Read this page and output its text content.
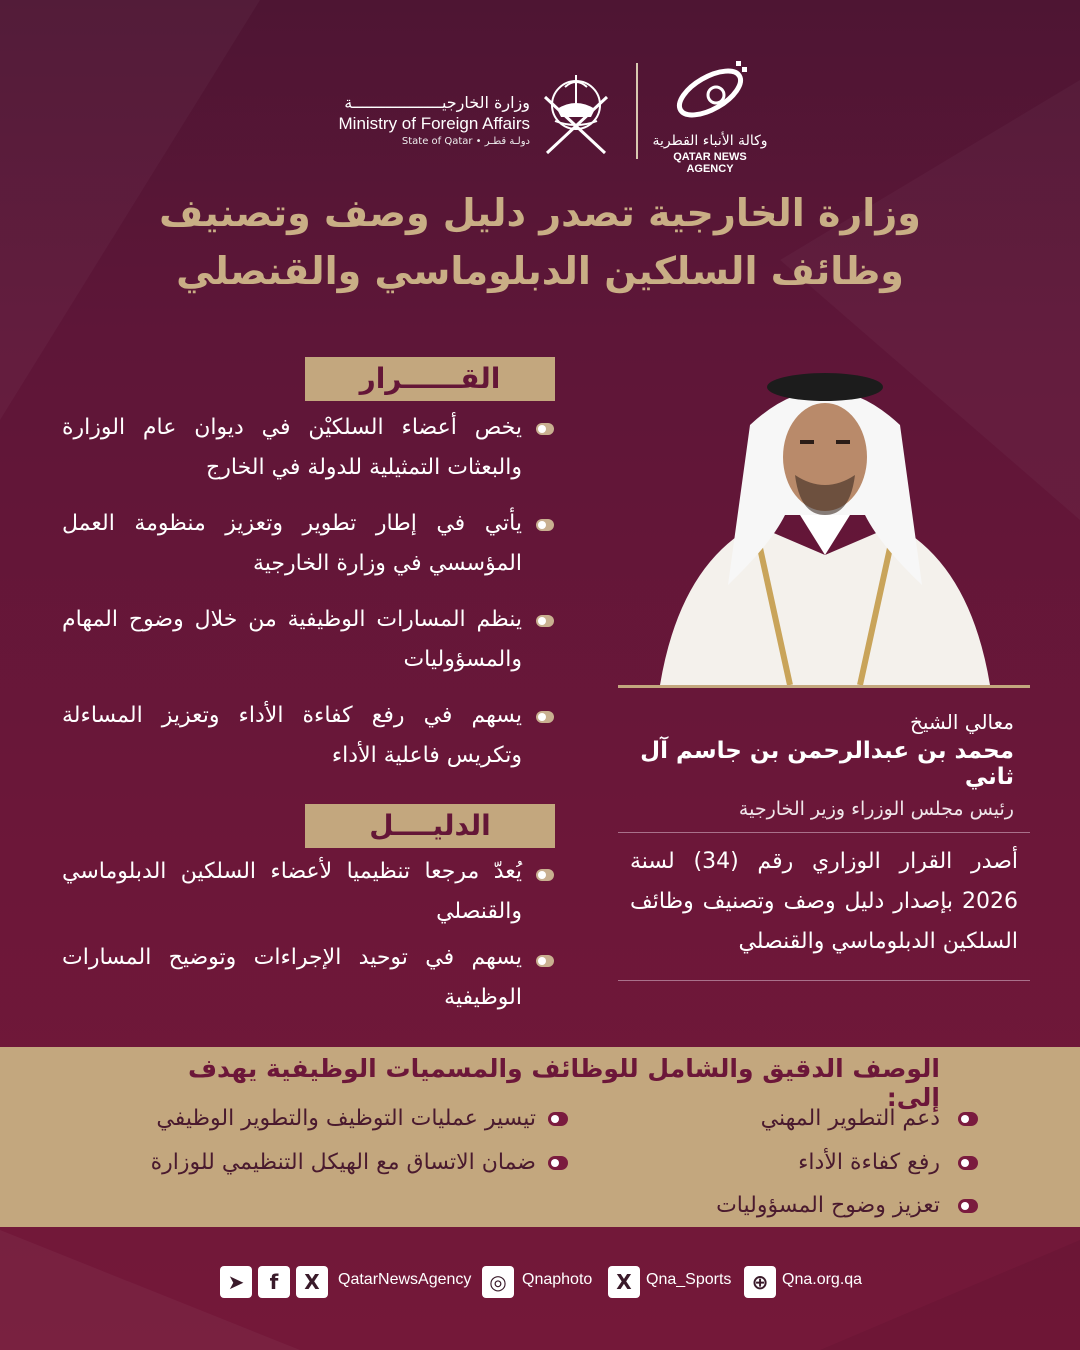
وزارة الخارجيـــــــــــــــــــة
Ministry of Foreign Affairs
State of Qatar • دولـة قطـر	وكالة الأنباء القطرية
QATAR NEWS AGENCY
وزارة الخارجية تصدر دليل وصف وتصنيف
وظائف السلكين الدبلوماسي والقنصلي
القــــــرار
يخص أعضاء السلكيْن في ديوان عام الوزارة والبعثات التمثيلية للدولة في الخارج
يأتي في إطار تطوير وتعزيز منظومة العمل المؤسسي في وزارة الخارجية
ينظم المسارات الوظيفية من خلال وضوح المهام والمسؤوليات
يسهم في رفع كفاءة الأداء وتعزيز المساءلة وتكريس فاعلية الأداء
الدليــــل
يُعدّ مرجعا تنظيميا لأعضاء السلكين الدبلوماسي والقنصلي
يسهم في توحيد الإجراءات وتوضيح المسارات الوظيفية
معالي الشيخ
محمد بن عبدالرحمن بن جاسم آل ثاني
رئيس مجلس الوزراء وزير الخارجية
أصدر القرار الوزاري رقم (34) لسنة 2026 بإصدار دليل وصف وتصنيف وظائف السلكين الدبلوماسي والقنصلي
الوصف الدقيق والشامل للوظائف والمسميات الوظيفية يهدف إلى:
دعم التطوير المهني
رفع كفاءة الأداء
تعزيز وضوح المسؤوليات
تيسير عمليات التوظيف والتطوير الوظيفي
ضمان الاتساق مع الهيكل التنظيمي للوزارة
➤	f	X	QatarNewsAgency ◎ Qnaphoto	X Qna_Sports	⊕ Qna.org.qa
